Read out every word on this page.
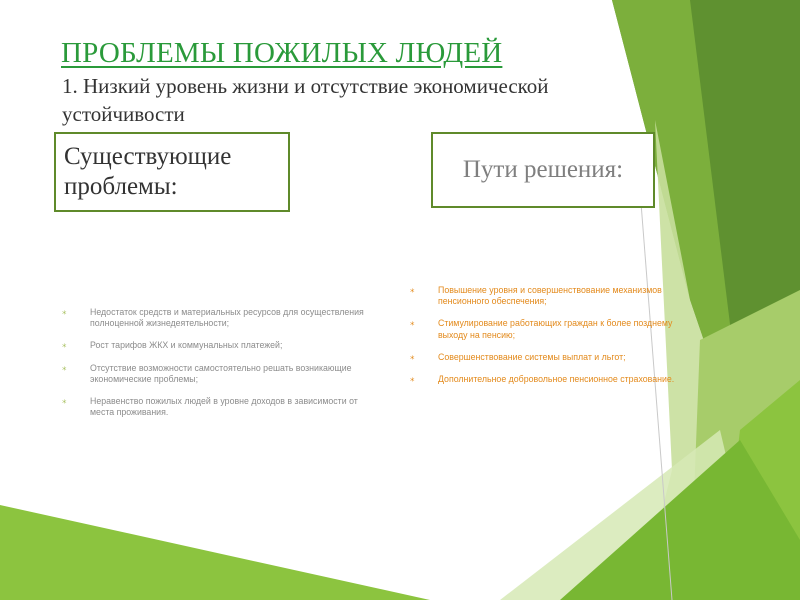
ПРОБЛЕМЫ ПОЖИЛЫХ ЛЮДЕЙ
1. Низкий уровень жизни и отсутствие экономической устойчивости
Существующие проблемы:
Пути решения:
⁎	Недостаток средств и материальных ресурсов для осуществления полноценной жизнедеятельности;
⁎	Рост тарифов ЖКХ и коммунальных платежей;
⁎	Отсутствие возможности самостоятельно решать возникающие экономические проблемы;
⁎	Неравенство пожилых людей в уровне доходов в зависимости от места проживания.
⁎	Повышение уровня и совершенствование механизмов пенсионного обеспечения;
⁎	Стимулирование работающих граждан к более позднему выходу на пенсию;
⁎	Совершенствование системы выплат и льгот;
⁎	Дополнительное добровольное пенсионное страхование.
